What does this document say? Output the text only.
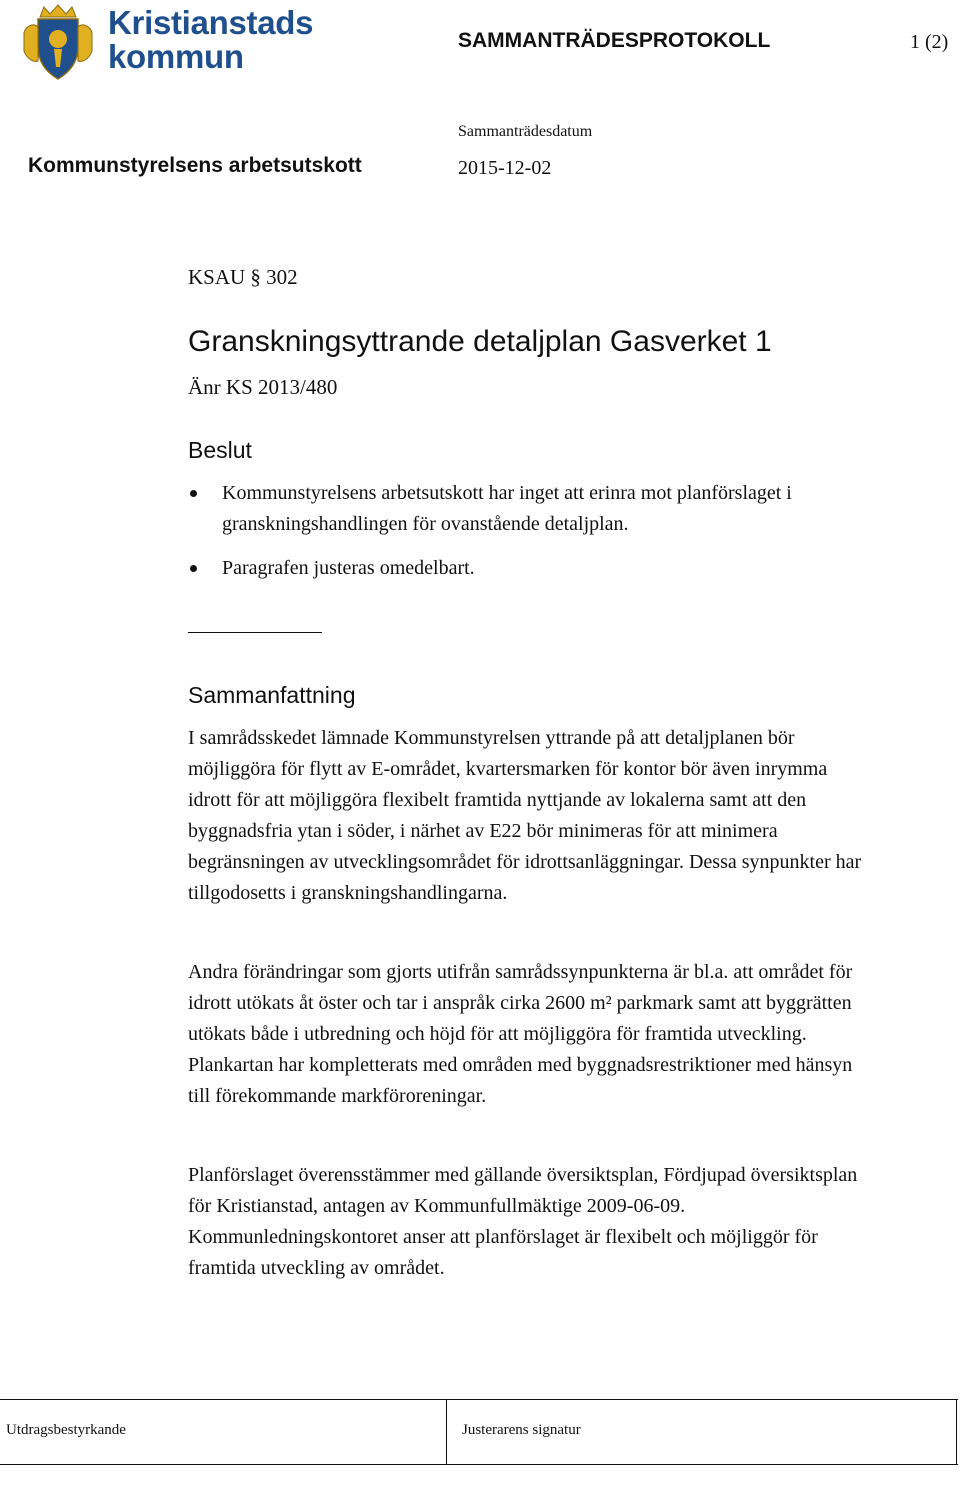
Kristianstads
kommun	SAMMANTRÄDESPROTOKOLL	1 (2)
Sammanträdesdatum
Kommunstyrelsens arbetsutskott	2015-12-02
KSAU § 302
Granskningsyttrande detaljplan Gasverket 1
Änr KS 2013/480
Beslut
Kommunstyrelsens arbetsutskott har inget att erinra mot planförslaget i granskningshandlingen för ovanstående detaljplan.
Paragrafen justeras omedelbart.
Sammanfattning

I samrådsskedet lämnade Kommunstyrelsen yttrande på att detaljplanen bör möjliggöra för flytt av E-området, kvartersmarken för kontor bör även inrymma idrott för att möjliggöra flexibelt framtida nyttjande av lokalerna samt att den byggnadsfria ytan i söder, i närhet av E22 bör minimeras för att minimera begränsningen av utvecklingsområdet för idrottsanläggningar. Dessa synpunkter har tillgodosetts i granskningshandlingarna.

Andra förändringar som gjorts utifrån samrådssynpunkterna är bl.a. att området för idrott utökats åt öster och tar i anspråk cirka 2600 m² parkmark samt att byggrätten utökats både i utbredning och höjd för att möjliggöra för framtida utveckling. Plankartan har kompletterats med områden med byggnadsrestriktioner med hänsyn till förekommande markföroreningar.

Planförslaget överensstämmer med gällande översiktsplan, Fördjupad översiktsplan för Kristianstad, antagen av Kommunfullmäktige 2009-06-09. Kommunledningskontoret anser att planförslaget är flexibelt och möjliggör för framtida utveckling av området.

Utdragsbestyrkande	Justerarens signatur
